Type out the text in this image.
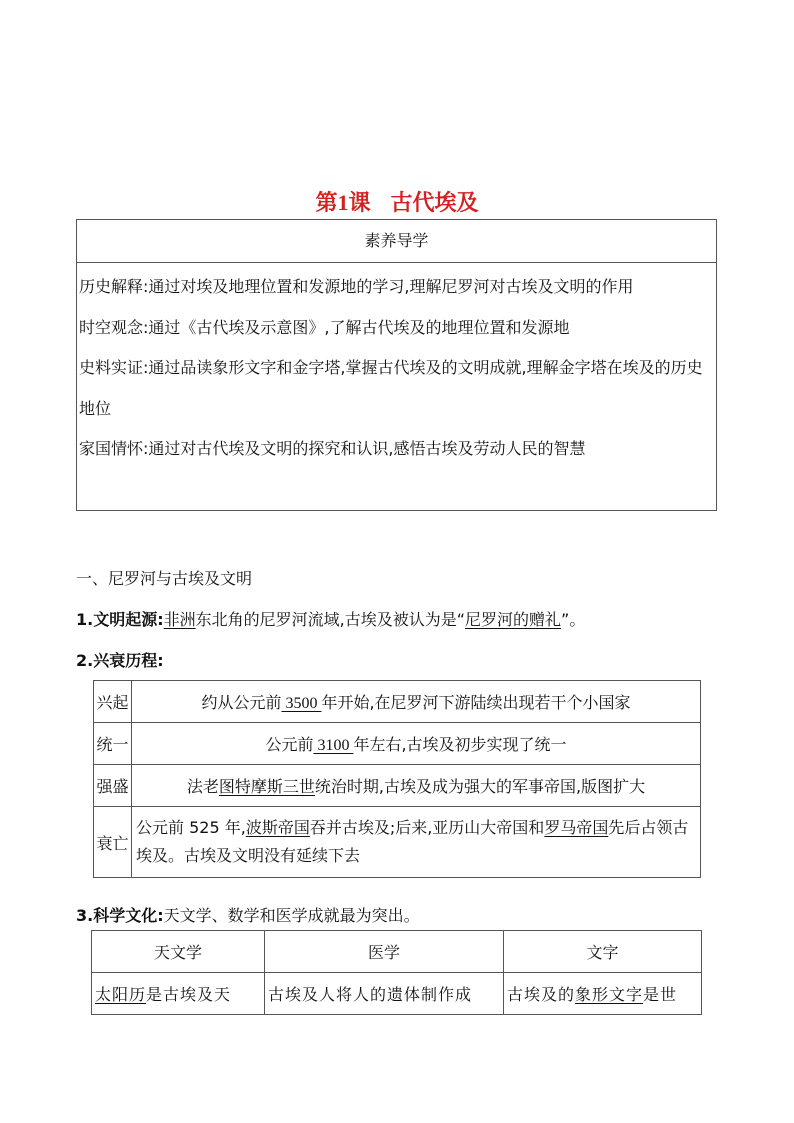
第1课 古代埃及
素养导学
历史解释:通过对埃及地理位置和发源地的学习,理解尼罗河对古埃及文明的作用
时空观念:通过《古代埃及示意图》,了解古代埃及的地理位置和发源地
史料实证:通过品读象形文字和金字塔,掌握古代埃及的文明成就,理解金字塔在埃及的历史地位
家国情怀:通过对古代埃及文明的探究和认识,感悟古埃及劳动人民的智慧
一、尼罗河与古埃及文明
1.文明起源:非洲东北角的尼罗河流域,古埃及被认为是“尼罗河的赠礼”。
2.兴衰历程:
兴起	约从公元前 3500 年开始,在尼罗河下游陆续出现若干个小国家
统一	公元前 3100 年左右,古埃及初步实现了统一
强盛	法老图特摩斯三世统治时期,古埃及成为强大的军事帝国,版图扩大
衰亡	公元前 525 年,波斯帝国吞并古埃及;后来,亚历山大帝国和罗马帝国先后占领古埃及。古埃及文明没有延续下去
3.科学文化:天文学、数学和医学成就最为突出。
天文学	医学	文字
太阳历是古埃及天	古埃及人将人的遗体制作成	古埃及的象形文字是世
